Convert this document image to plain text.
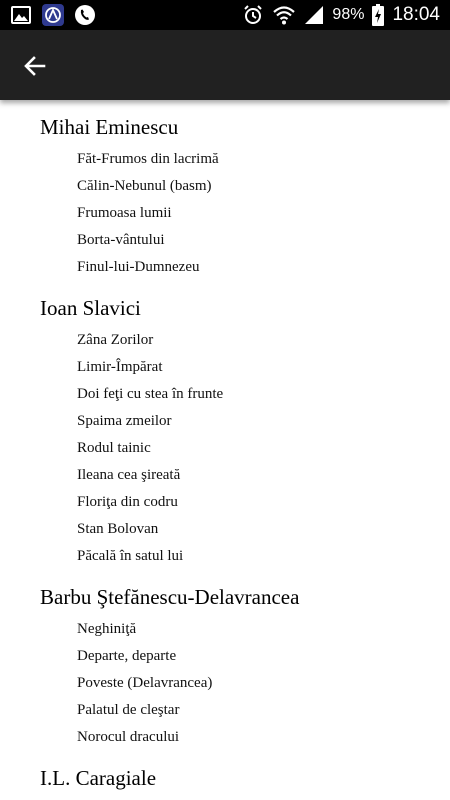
98% 18:04
Mihai Eminescu
Făt-Frumos din lacrimă
Călin-Nebunul (basm)
Frumoasa lumii
Borta-vântului
Finul-lui-Dumnezeu
Ioan Slavici
Zâna Zorilor
Limir-Împărat
Doi feţi cu stea în frunte
Spaima zmeilor
Rodul tainic
Ileana cea şireată
Floriţa din codru
Stan Bolovan
Păcală în satul lui
Barbu Ştefănescu-Delavrancea
Neghiniţă
Departe, departe
Poveste (Delavrancea)
Palatul de cleştar
Norocul dracului
I.L. Caragiale
